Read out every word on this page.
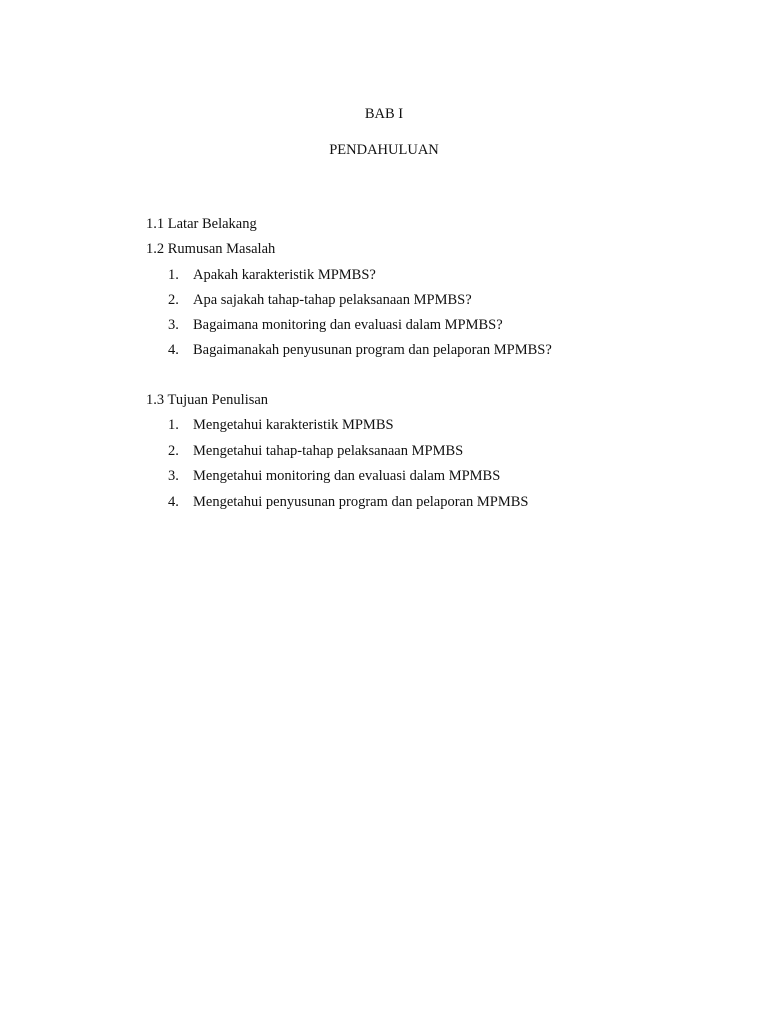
BAB I
PENDAHULUAN
1.1 Latar Belakang
1.2 Rumusan Masalah
1. Apakah karakteristik MPMBS?
2. Apa sajakah tahap-tahap pelaksanaan MPMBS?
3. Bagaimana monitoring dan evaluasi dalam MPMBS?
4. Bagaimanakah penyusunan program dan pelaporan MPMBS?
1.3 Tujuan Penulisan
1. Mengetahui karakteristik MPMBS
2. Mengetahui tahap-tahap pelaksanaan MPMBS
3. Mengetahui monitoring dan evaluasi dalam MPMBS
4. Mengetahui penyusunan program dan pelaporan MPMBS
